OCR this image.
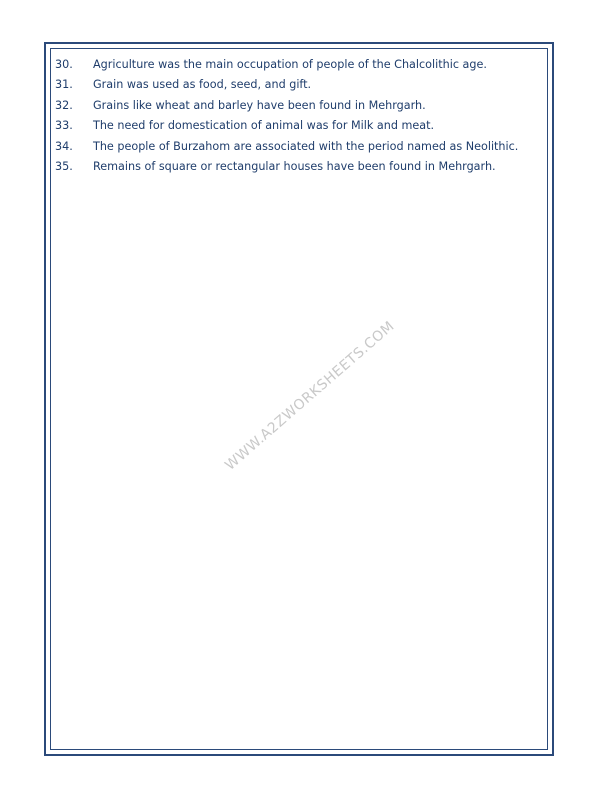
30.	Agriculture was the main occupation of people of the Chalcolithic age.
31.	Grain was used as food, seed, and gift.
32.	Grains like wheat and barley have been found in Mehrgarh.
33.	The need for domestication of animal was for Milk and meat.
34.	The people of Burzahom are associated with the period named as Neolithic.
35.	Remains of square or rectangular houses have been found in Mehrgarh.
WWW.A2ZWORKSHEETS.COM
